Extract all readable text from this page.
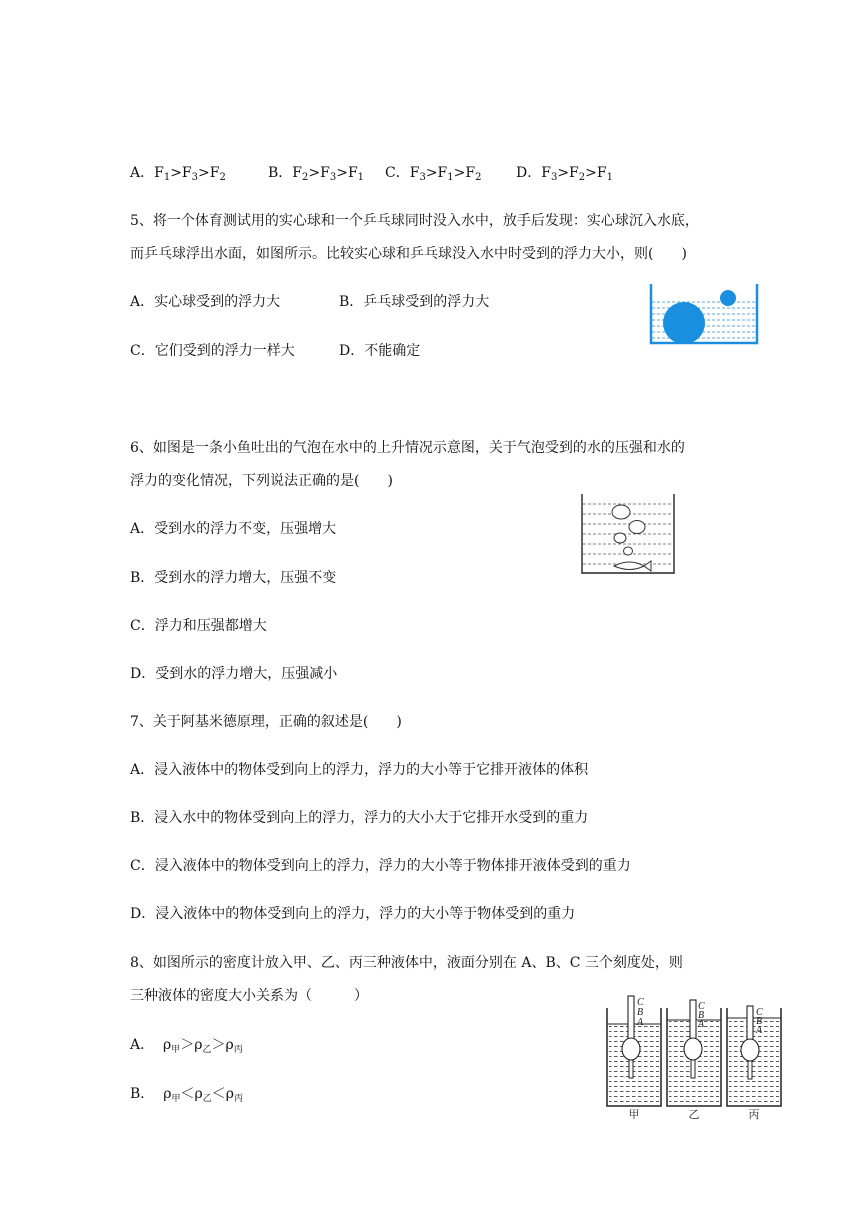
A．$F_1>F_3>F_2$	B．$F_2>F_3>F_1$ C．$F_3>F_1>F_2$ D．$F_3>F_2>F_1$
5、将一个体育测试用的实心球和一个乒乓球同时没入水中，放手后发现：实心球沉入水底，
而乒乓球浮出水面，如图所示。比较实心球和乒乓球没入水中时受到的浮力大小，则(　　)
A．实心球受到的浮力大	B．乒乓球受到的浮力大
C．它们受到的浮力一样大	D．不能确定
6、如图是一条小鱼吐出的气泡在水中的上升情况示意图，关于气泡受到的水的压强和水的
浮力的变化情况，下列说法正确的是(　　)
A．受到水的浮力不变，压强增大
B．受到水的浮力增大，压强不变
C．浮力和压强都增大
D．受到水的浮力增大，压强减小
7、关于阿基米德原理，正确的叙述是(　　)
A．浸入液体中的物体受到向上的浮力，浮力的大小等于它排开液体的体积
B．浸入水中的物体受到向上的浮力，浮力的大小大于它排开水受到的重力
C．浸入液体中的物体受到向上的浮力，浮力的大小等于物体排开液体受到的重力
D．浸入液体中的物体受到向上的浮力，浮力的大小等于物体受到的重力
8、如图所示的密度计放入甲、乙、丙三种液体中，液面分别在 A、B、C 三个刻度处，则
三种液体的密度大小关系为（　　　）
A． $\rho_甲>\rho_乙>\rho_丙$
B． $\rho_甲<\rho_乙<\rho_丙$
C
B
A
C
B
A
C
B
A
甲	乙	丙
